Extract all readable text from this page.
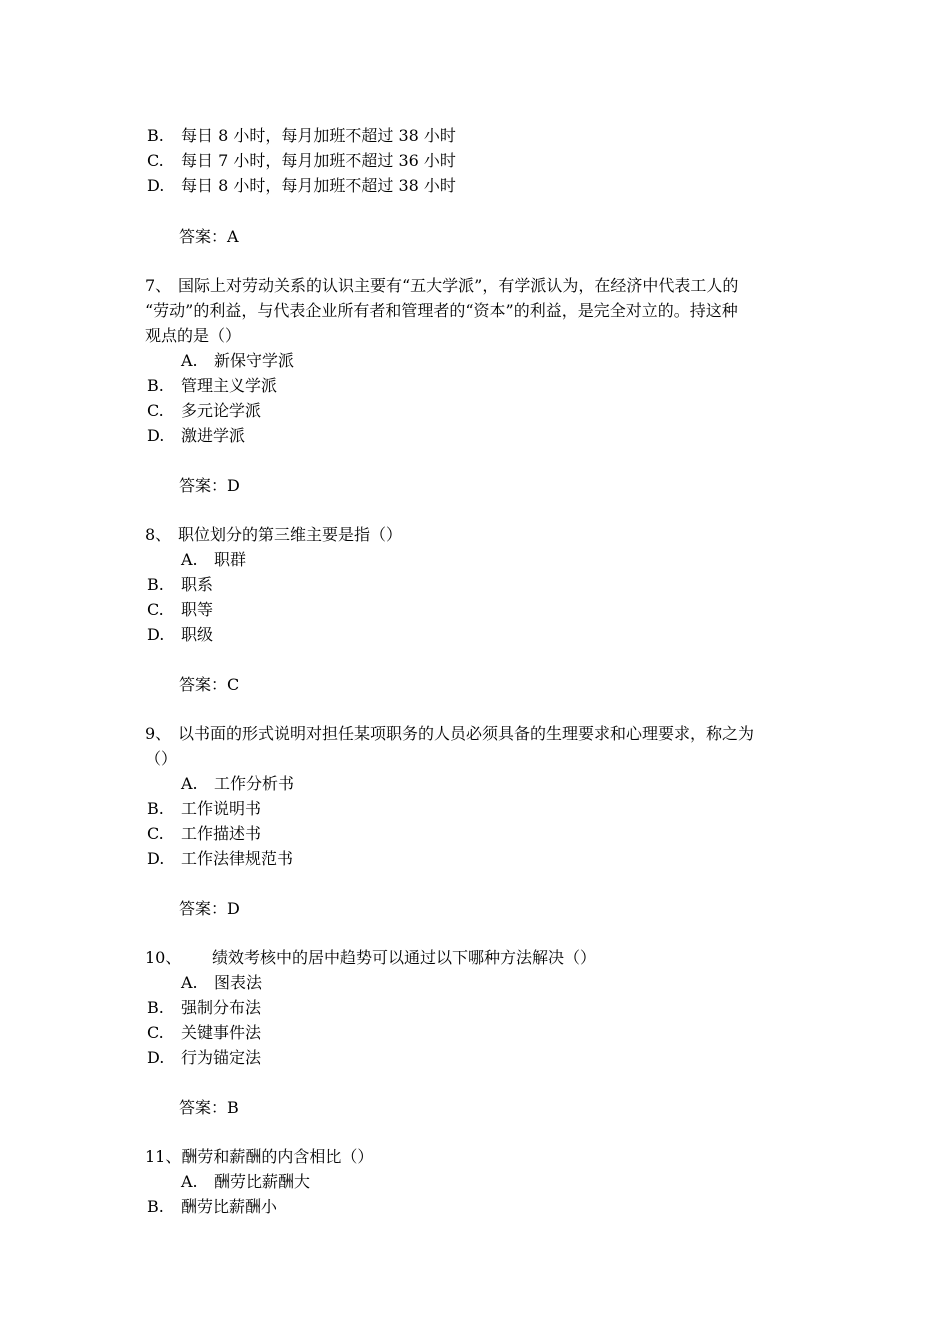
B. 每日 8 小时，每月加班不超过 38 小时
C. 每日 7 小时，每月加班不超过 36 小时
D. 每日 8 小时，每月加班不超过 38 小时
答案：A
7、 国际上对劳动关系的认识主要有“五大学派”，有学派认为，在经济中代表工人的
“劳动”的利益，与代表企业所有者和管理者的“资本”的利益，是完全对立的。持这种
观点的是（）
A. 新保守学派
B. 管理主义学派
C. 多元论学派
D. 激进学派
答案：D
8、 职位划分的第三维主要是指（）
A. 职群
B. 职系
C. 职等
D. 职级
答案：C
9、 以书面的形式说明对担任某项职务的人员必须具备的生理要求和心理要求，称之为
（）
A. 工作分析书
B. 工作说明书
C. 工作描述书
D. 工作法律规范书
答案：D
10、 绩效考核中的居中趋势可以通过以下哪种方法解决（）
A. 图表法
B. 强制分布法
C. 关键事件法
D. 行为锚定法
答案：B
11、酬劳和薪酬的内含相比（）
A. 酬劳比薪酬大
B. 酬劳比薪酬小
